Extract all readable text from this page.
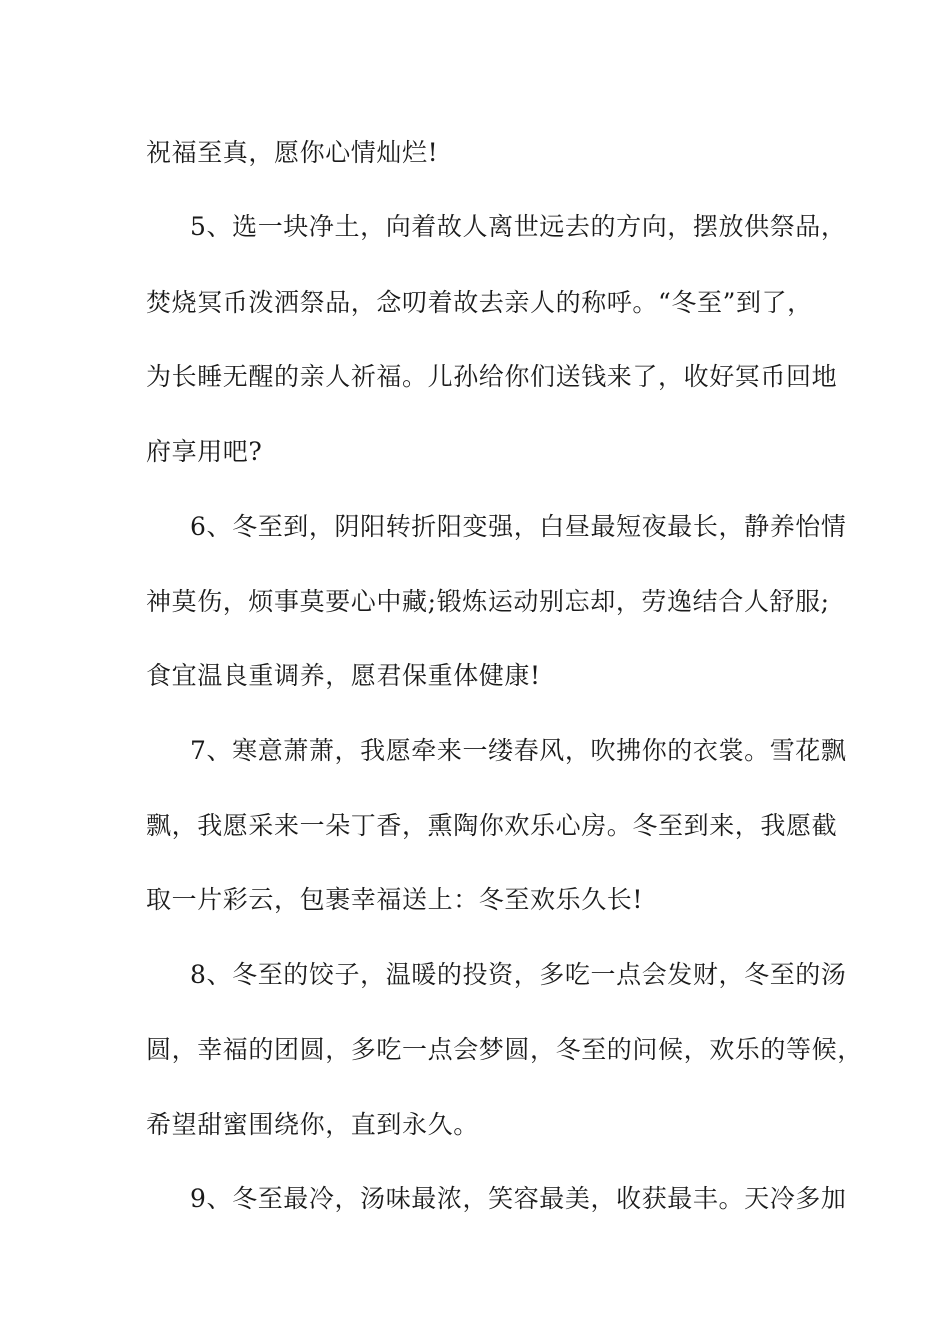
祝福至真，愿你心情灿烂!
5、选一块净土，向着故人离世远去的方向，摆放供祭品，
焚烧冥币泼洒祭品，念叨着故去亲人的称呼。“冬至”到了，
为长睡无醒的亲人祈福。儿孙给你们送钱来了，收好冥币回地
府享用吧?
6、冬至到，阴阳转折阳变强，白昼最短夜最长，静养怡情
神莫伤，烦事莫要心中藏;锻炼运动别忘却，劳逸结合人舒服;
食宜温良重调养，愿君保重体健康!
7、寒意萧萧，我愿牵来一缕春风，吹拂你的衣裳。雪花飘
飘，我愿采来一朵丁香，熏陶你欢乐心房。冬至到来，我愿截
取一片彩云，包裹幸福送上：冬至欢乐久长!
8、冬至的饺子，温暖的投资，多吃一点会发财，冬至的汤
圆，幸福的团圆，多吃一点会梦圆，冬至的问候，欢乐的等候，
希望甜蜜围绕你，直到永久。
9、冬至最冷，汤味最浓，笑容最美，收获最丰。天冷多加
